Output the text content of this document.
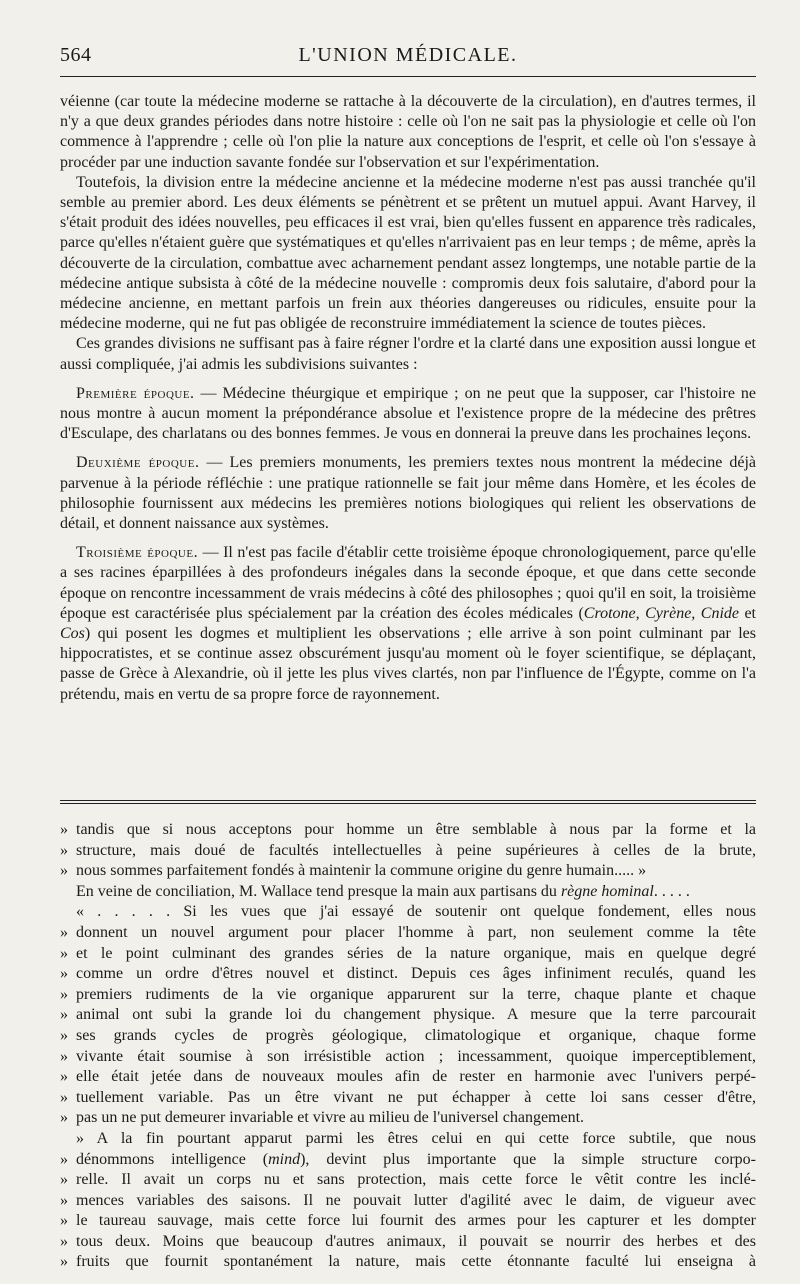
564	L'UNION MÉDICALE.

véienne (car toute la médecine moderne se rattache à la découverte de la circulation), en d'autres termes, il n'y a que deux grandes périodes dans notre histoire : celle où l'on ne sait pas la physiologie et celle où l'on commence à l'apprendre ; celle où l'on plie la nature aux conceptions de l'esprit, et celle où l'on s'essaye à procéder par une induction savante fondée sur l'observation et sur l'expérimentation.

Toutefois, la division entre la médecine ancienne et la médecine moderne n'est pas aussi tranchée qu'il semble au premier abord. Les deux éléments se pénètrent et se prêtent un mutuel appui. Avant Harvey, il s'était produit des idées nouvelles, peu efficaces il est vrai, bien qu'elles fussent en apparence très radicales, parce qu'elles n'étaient guère que systématiques et qu'elles n'arrivaient pas en leur temps ; de même, après la découverte de la circulation, combattue avec acharnement pendant assez longtemps, une notable partie de la médecine antique subsista à côté de la médecine nouvelle : compromis deux fois salutaire, d'abord pour la médecine ancienne, en mettant parfois un frein aux théories dangereuses ou ridicules, ensuite pour la médecine moderne, qui ne fut pas obligée de reconstruire immédiatement la science de toutes pièces.

Ces grandes divisions ne suffisant pas à faire régner l'ordre et la clarté dans une exposition aussi longue et aussi compliquée, j'ai admis les subdivisions suivantes :

Première époque. — Médecine théurgique et empirique ; on ne peut que la supposer, car l'histoire ne nous montre à aucun moment la prépondérance absolue et l'existence propre de la médecine des prêtres d'Esculape, des charlatans ou des bonnes femmes. Je vous en donnerai la preuve dans les prochaines leçons.

Deuxième époque. — Les premiers monuments, les premiers textes nous montrent la médecine déjà parvenue à la période réfléchie : une pratique rationnelle se fait jour même dans Homère, et les écoles de philosophie fournissent aux médecins les premières notions biologiques qui relient les observations de détail, et donnent naissance aux systèmes.

Troisième époque. — Il n'est pas facile d'établir cette troisième époque chronologiquement, parce qu'elle a ses racines éparpillées à des profondeurs inégales dans la seconde époque, et que dans cette seconde époque on rencontre incessamment de vrais médecins à côté des philosophes ; quoi qu'il en soit, la troisième époque est caractérisée plus spécialement par la création des écoles médicales (Crotone, Cyrène, Cnide et Cos) qui posent les dogmes et multiplient les observations ; elle arrive à son point culminant par les hippocratistes, et se continue assez obscurément jusqu'au moment où le foyer scientifique, se déplaçant, passe de Grèce à Alexandrie, où il jette les plus vives clartés, non par l'influence de l'Égypte, comme on l'a prétendu, mais en vertu de sa propre force de rayonnement.

» tandis que si nous acceptons pour homme un être semblable à nous par la forme et la
» structure, mais doué de facultés intellectuelles à peine supérieures à celles de la brute,
» nous sommes parfaitement fondés à maintenir la commune origine du genre humain..... »
En veine de conciliation, M. Wallace tend presque la main aux partisans du règne hominal. . . . .
« . . . . . Si les vues que j'ai essayé de soutenir ont quelque fondement, elles nous
» donnent un nouvel argument pour placer l'homme à part, non seulement comme la tête
» et le point culminant des grandes séries de la nature organique, mais en quelque degré
» comme un ordre d'êtres nouvel et distinct. Depuis ces âges infiniment reculés, quand les
» premiers rudiments de la vie organique apparurent sur la terre, chaque plante et chaque
» animal ont subi la grande loi du changement physique. A mesure que la terre parcourait
» ses grands cycles de progrès géologique, climatologique et organique, chaque forme
» vivante était soumise à son irrésistible action ; incessamment, quoique imperceptiblement,
» elle était jetée dans de nouveaux moules afin de rester en harmonie avec l'univers perpé-
» tuellement variable. Pas un être vivant ne put échapper à cette loi sans cesser d'être,
» pas un ne put demeurer invariable et vivre au milieu de l'universel changement.
» A la fin pourtant apparut parmi les êtres celui en qui cette force subtile, que nous
» dénommons intelligence (mind), devint plus importante que la simple structure corpo-
» relle. Il avait un corps nu et sans protection, mais cette force le vêtit contre les inclé-
» mences variables des saisons. Il ne pouvait lutter d'agilité avec le daim, de vigueur avec
» le taureau sauvage, mais cette force lui fournit des armes pour les capturer et les dompter
» tous deux. Moins que beaucoup d'autres animaux, il pouvait se nourrir des herbes et des
» fruits que fournit spontanément la nature, mais cette étonnante faculté lui enseigna à
